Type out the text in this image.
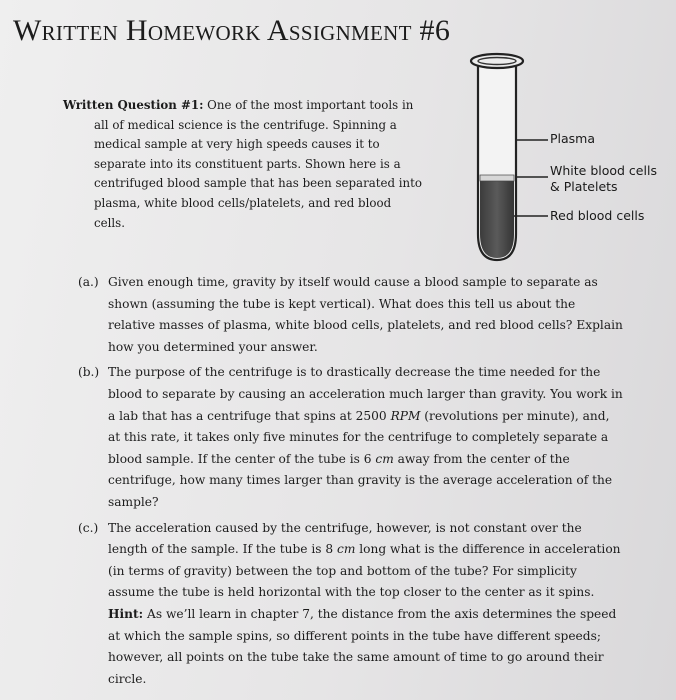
Written Homework Assignment #6

Written Question #1: One of the most important tools in all of medical science is the centrifuge. Spinning a medical sample at very high speeds causes it to separate into its constituent parts. Shown here is a centrifuged blood sample that has been separated into plasma, white blood cells/platelets, and red blood cells.

Plasma
White blood cells
& Platelets
Red blood cells
(a.) Given enough time, gravity by itself would cause a blood sample to separate as shown (assuming the tube is kept vertical). What does this tell us about the relative masses of plasma, white blood cells, platelets, and red blood cells? Explain how you determined your answer.
(b.) The purpose of the centrifuge is to drastically decrease the time needed for the blood to separate by causing an acceleration much larger than gravity. You work in a lab that has a centrifuge that spins at 2500 RPM (revolutions per minute), and, at this rate, it takes only five minutes for the centrifuge to completely separate a blood sample. If the center of the tube is 6 cm away from the center of the centrifuge, how many times larger than gravity is the average acceleration of the sample?
(c.) The acceleration caused by the centrifuge, however, is not constant over the length of the sample. If the tube is 8 cm long what is the difference in acceleration (in terms of gravity) between the top and bottom of the tube? For simplicity assume the tube is held horizontal with the top closer to the center as it spins. Hint: As we’ll learn in chapter 7, the distance from the axis determines the speed at which the sample spins, so different points in the tube have different speeds; however, all points on the tube take the same amount of time to go around their circle.
